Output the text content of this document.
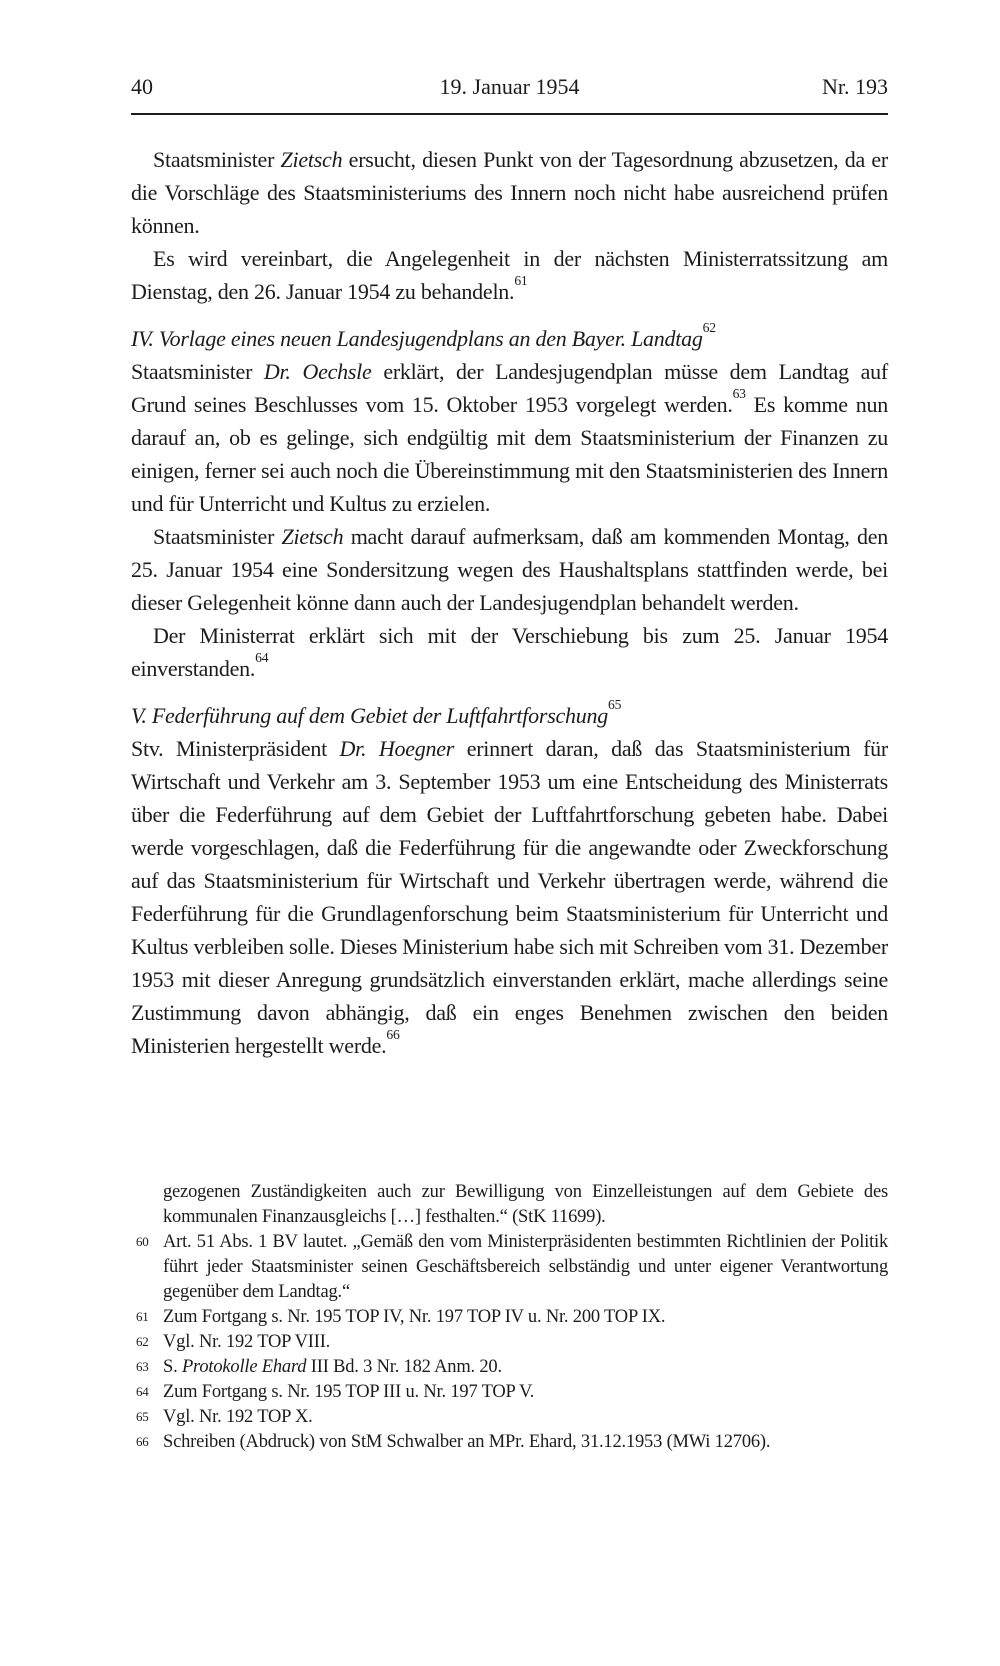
40	19. Januar 1954	Nr. 193

Staatsminister Zietsch ersucht, diesen Punkt von der Tagesordnung abzusetzen, da er die Vorschläge des Staatsministeriums des Innern noch nicht habe ausreichend prüfen können.

Es wird vereinbart, die Angelegenheit in der nächsten Ministerratssitzung am Dienstag, den 26. Januar 1954 zu behandeln.$^{61}$

IV. Vorlage eines neuen Landesjugendplans an den Bayer. Landtag$^{62}$

Staatsminister Dr. Oechsle erklärt, der Landesjugendplan müsse dem Landtag auf Grund seines Beschlusses vom 15. Oktober 1953 vorgelegt werden.$^{63}$ Es komme nun darauf an, ob es gelinge, sich endgültig mit dem Staatsministerium der Finanzen zu einigen, ferner sei auch noch die Übereinstimmung mit den Staatsministerien des Innern und für Unterricht und Kultus zu erzielen.

Staatsminister Zietsch macht darauf aufmerksam, daß am kommenden Montag, den 25. Januar 1954 eine Sondersitzung wegen des Haushaltsplans stattfinden werde, bei dieser Gelegenheit könne dann auch der Landesjugendplan behandelt werden.

Der Ministerrat erklärt sich mit der Verschiebung bis zum 25. Januar 1954 einverstanden.$^{64}$

V. Federführung auf dem Gebiet der Luftfahrtforschung$^{65}$

Stv. Ministerpräsident Dr. Hoegner erinnert daran, daß das Staatsministerium für Wirtschaft und Verkehr am 3. September 1953 um eine Entscheidung des Ministerrats über die Federführung auf dem Gebiet der Luftfahrtforschung gebeten habe. Dabei werde vorgeschlagen, daß die Federführung für die angewandte oder Zweckforschung auf das Staatsministerium für Wirtschaft und Verkehr übertragen werde, während die Federführung für die Grundlagenforschung beim Staatsministerium für Unterricht und Kultus verbleiben solle. Dieses Ministerium habe sich mit Schreiben vom 31. Dezember 1953 mit dieser Anregung grundsätzlich einverstanden erklärt, mache allerdings seine Zustimmung davon abhängig, daß ein enges Benehmen zwischen den beiden Ministerien hergestellt werde.$^{66}$

gezogenen Zuständigkeiten auch zur Bewilligung von Einzelleistungen auf dem Gebiete des kommunalen Finanzausgleichs […] festhalten.“ (StK 11699).
60 Art. 51 Abs. 1 BV lautet. „Gemäß den vom Ministerpräsidenten bestimmten Richtlinien der Politik führt jeder Staatsminister seinen Geschäftsbereich selbständig und unter eigener Verantwortung gegenüber dem Landtag.“
61 Zum Fortgang s. Nr. 195 TOP IV, Nr. 197 TOP IV u. Nr. 200 TOP IX.
62 Vgl. Nr. 192 TOP VIII.
63 S. Protokolle Ehard III Bd. 3 Nr. 182 Anm. 20.
64 Zum Fortgang s. Nr. 195 TOP III u. Nr. 197 TOP V.
65 Vgl. Nr. 192 TOP X.
66 Schreiben (Abdruck) von StM Schwalber an MPr. Ehard, 31.12.1953 (MWi 12706).
